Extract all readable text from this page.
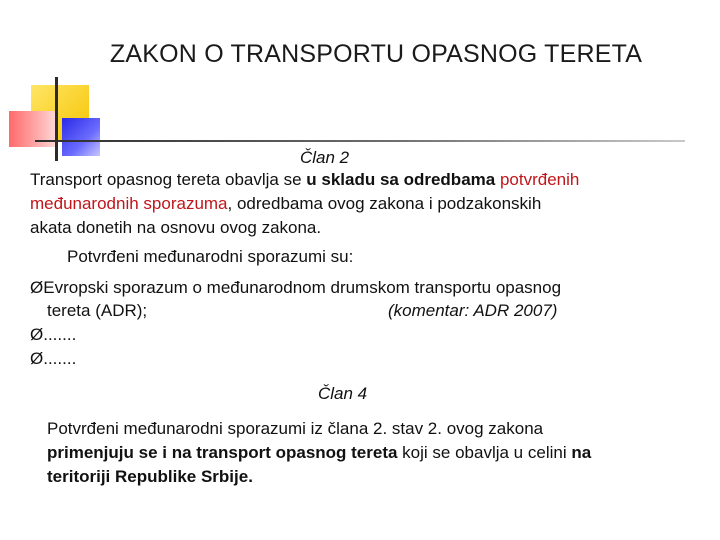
ZAKON O TRANSPORTU OPASNOG TERETA
Član 2
Transport opasnog tereta obavlja se u skladu sa odredbama potvrđenih
međunarodnih sporazuma, odredbama ovog zakona i podzakonskih
akata donetih na osnovu ovog zakona.
Potvrđeni međunarodni sporazumi su:
ØEvropski sporazum o međunarodnom drumskom transportu opasnog
tereta (ADR);	(komentar: ADR 2007)
Ø.......
Ø.......
Član 4
Potvrđeni međunarodni sporazumi iz člana 2. stav 2. ovog zakona
primenjuju se i na transport opasnog tereta koji se obavlja u celini na
teritoriji Republike Srbije.
